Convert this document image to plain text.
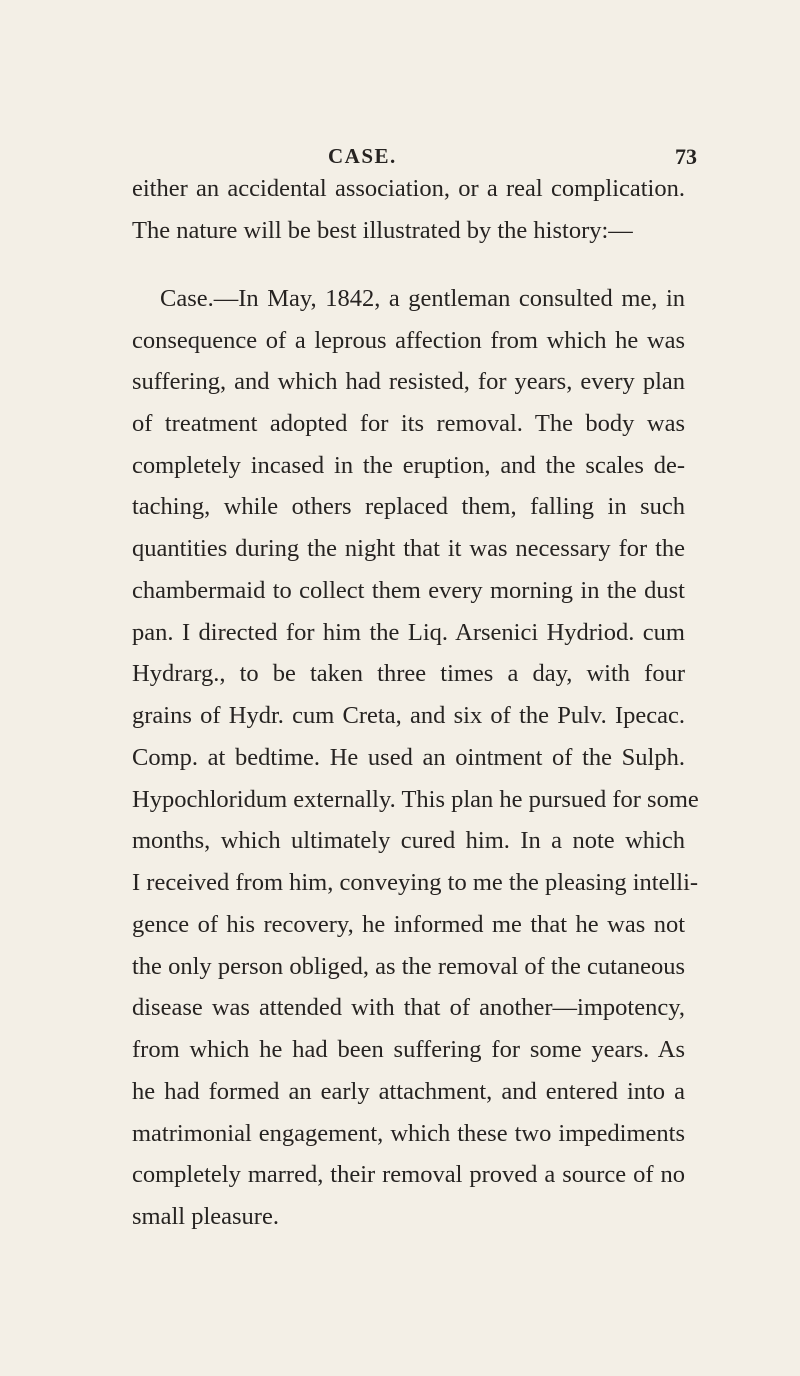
CASE.	73
either an accidental association, or a real complication.
The nature will be best illustrated by the history:—
Case.—In May, 1842, a gentleman consulted me, in
consequence of a leprous affection from which he was
suffering, and which had resisted, for years, every plan
of treatment adopted for its removal. The body was
completely incased in the eruption, and the scales de-
taching, while others replaced them, falling in such
quantities during the night that it was necessary for the
chambermaid to collect them every morning in the dust
pan. I directed for him the Liq. Arsenici Hydriod. cum
Hydrarg., to be taken three times a day, with four
grains of Hydr. cum Creta, and six of the Pulv. Ipecac.
Comp. at bedtime. He used an ointment of the Sulph.
Hypochloridum externally. This plan he pursued for some
months, which ultimately cured him. In a note which
I received from him, conveying to me the pleasing intelli-
gence of his recovery, he informed me that he was not
the only person obliged, as the removal of the cutaneous
disease was attended with that of another—impotency,
from which he had been suffering for some years. As
he had formed an early attachment, and entered into a
matrimonial engagement, which these two impediments
completely marred, their removal proved a source of no
small pleasure.
